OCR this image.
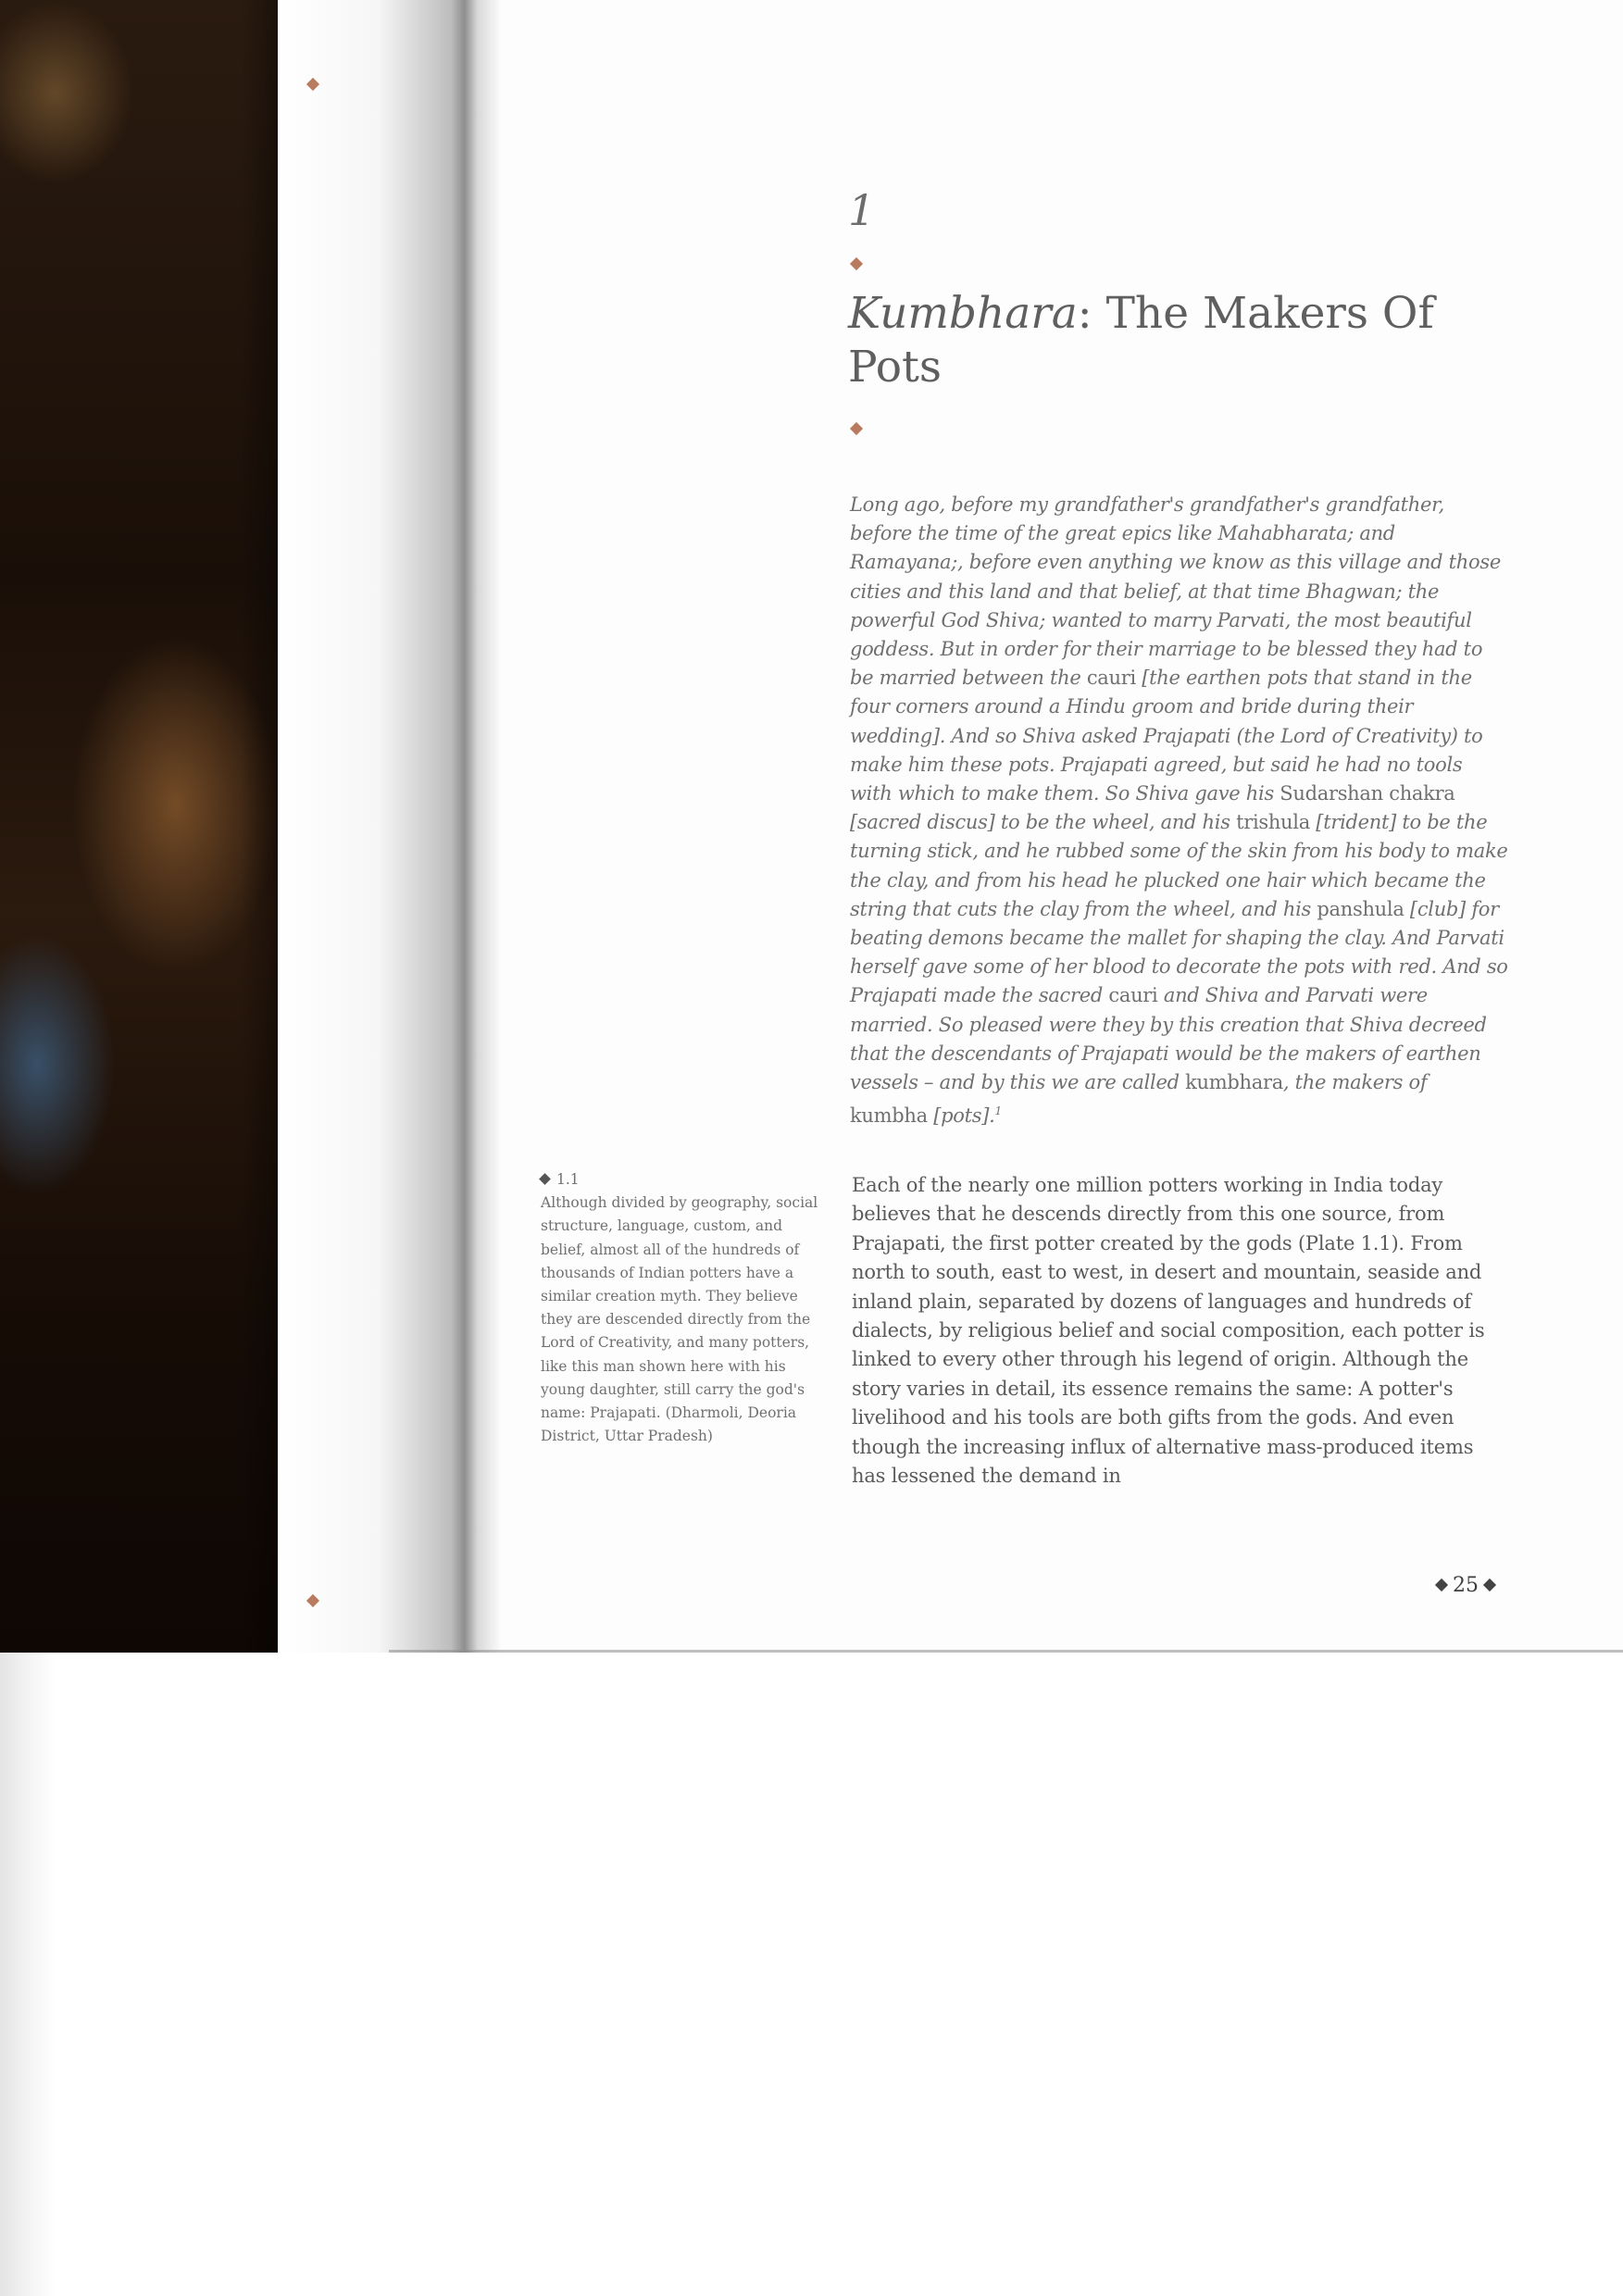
1
Kumbhara: The Makers Of Pots

Long ago, before my grandfather's grandfather's grandfather, before the time of the great epics like Mahabharata; and Ramayana;, before even anything we know as this village and those cities and this land and that belief, at that time Bhagwan; the powerful God Shiva; wanted to marry Parvati, the most beautiful goddess. But in order for their marriage to be blessed they had to be married between the cauri [the earthen pots that stand in the four corners around a Hindu groom and bride during their wedding]. And so Shiva asked Prajapati (the Lord of Creativity) to make him these pots. Prajapati agreed, but said he had no tools with which to make them. So Shiva gave his Sudarshan chakra [sacred discus] to be the wheel, and his trishula [trident] to be the turning stick, and he rubbed some of the skin from his body to make the clay, and from his head he plucked one hair which became the string that cuts the clay from the wheel, and his panshula [club] for beating demons became the mallet for shaping the clay. And Parvati herself gave some of her blood to decorate the pots with red. And so Prajapati made the sacred cauri and Shiva and Parvati were married. So pleased were they by this creation that Shiva decreed that the descendants of Prajapati would be the makers of earthen vessels – and by this we are called kumbhara, the makers of kumbha [pots].$^1$

Each of the nearly one million potters working in India today believes that he descends directly from this one source, from Prajapati, the first potter created by the gods (Plate 1.1). From north to south, east to west, in desert and mountain, seaside and inland plain, separated by dozens of languages and hundreds of dialects, by religious belief and social composition, each potter is linked to every other through his legend of origin. Although the story varies in detail, its essence remains the same: A potter's livelihood and his tools are both gifts from the gods. And even though the increasing influx of alternative mass-produced items has lessened the demand in

1.1
Although divided by geography, social structure, language, custom, and belief, almost all of the hundreds of thousands of Indian potters have a similar creation myth. They believe they are descended directly from the Lord of Creativity, and many potters, like this man shown here with his young daughter, still carry the god's name: Prajapati. (Dharmoli, Deoria District, Uttar Pradesh)
25
